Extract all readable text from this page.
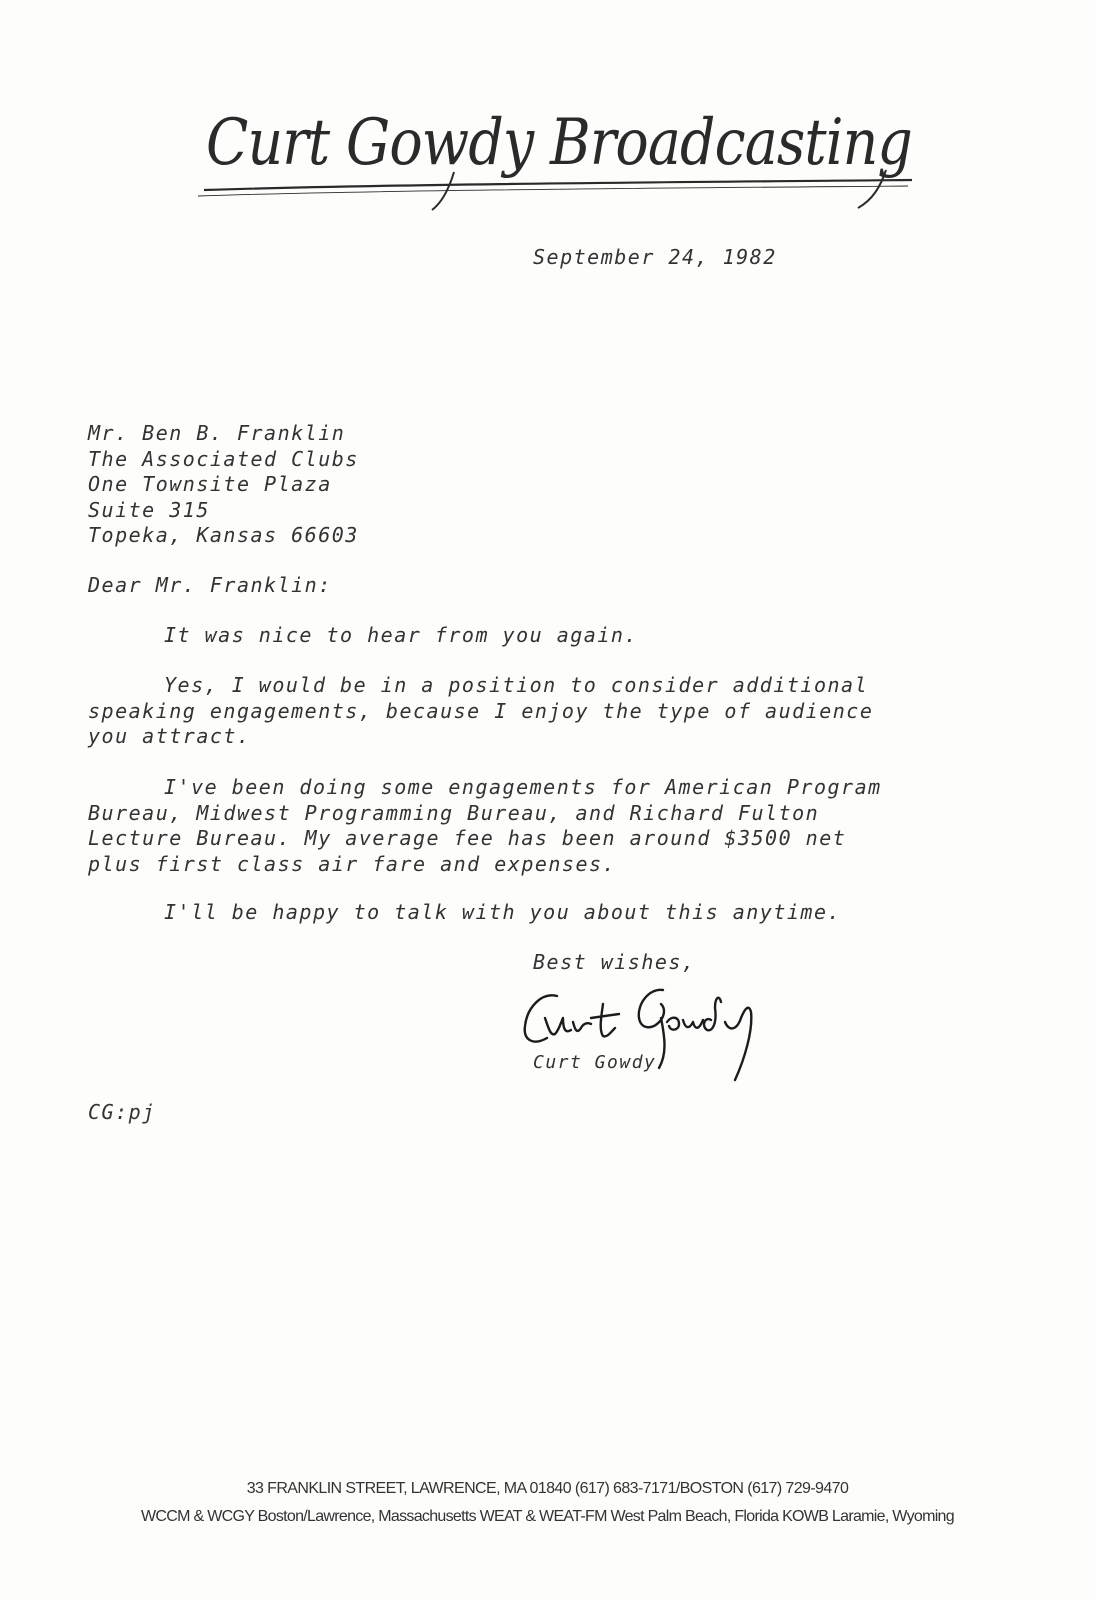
Curt Gowdy Broadcasting

September 24, 1982

Mr. Ben B. Franklin
The Associated Clubs
One Townsite Plaza
Suite 315
Topeka, Kansas 66603

Dear Mr. Franklin:

It was nice to hear from you again.
Yes, I would be in a position to consider additional
speaking engagements, because I enjoy the type of audience
you attract.
I've been doing some engagements for American Program
Bureau, Midwest Programming Bureau, and Richard Fulton
Lecture Bureau. My average fee has been around $3500 net
plus first class air fare and expenses.
I'll be happy to talk with you about this anytime.

Best wishes,

Curt Gowdy

CG:pj

33 FRANKLIN STREET, LAWRENCE, MA 01840 (617) 683-7171/BOSTON (617) 729-9470
WCCM & WCGY Boston/Lawrence, Massachusetts WEAT & WEAT-FM West Palm Beach, Florida KOWB Laramie, Wyoming
